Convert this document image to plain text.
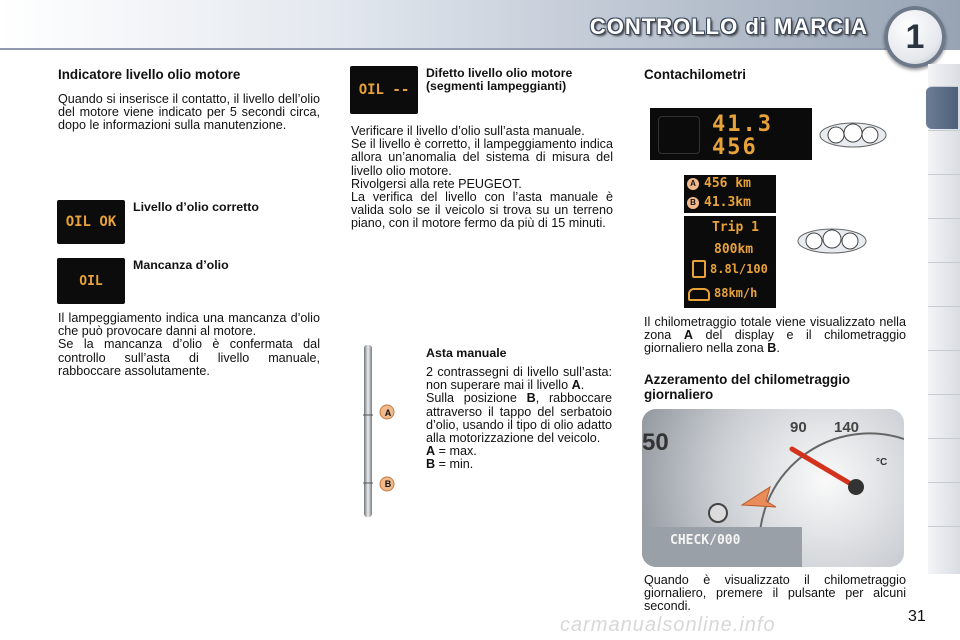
CONTROLLO di MARCIA 1
Indicatore livello olio motore
Quando si inserisce il contatto, il livello dell’olio del motore viene indicato per 5 secondi circa, dopo le informazioni sulla manutenzione.
OIL OK
Livello d’olio corretto
OIL
Mancanza d’olio

Il lampeggiamento indica una mancanza d’olio che può provocare danni al motore.

Se la mancanza d’olio è confermata dal controllo sull’asta di livello manuale, rabboccare assolutamente.

OIL --
Difetto livello olio motore (segmenti lampeggianti)

Verificare il livello d’olio sull’asta manuale.

Se il livello è corretto, il lampeggiamento indica allora un’anomalia del sistema di misura del livello olio motore.

Rivolgersi alla rete PEUGEOT.

La verifica del livello con l’asta manuale è valida solo se il veicolo si trova su un terreno piano, con il motore fermo da più di 15 minuti.

A
B
Asta manuale

2 contrassegni di livello sull’asta: non superare mai il livello A.

Sulla posizione B, rabboccare attraverso il tappo del serbatoio d’olio, usando il tipo di olio adatto alla motorizzazione del veicolo.

A = max.

B = min.

Contachilometri
41.3
456
A 456 km
B 41.3km
Trip 1
800km
8.8l/100
88km/h
Il chilometraggio totale viene visualizzato nella zona A del display e il chilometraggio giornaliero nella zona B.
Azzeramento del chilometraggio giornaliero
50
90 140
°C
CHECK/000
Quando è visualizzato il chilometraggio giornaliero, premere il pulsante per alcuni secondi.
31
carmanualsonline.info
